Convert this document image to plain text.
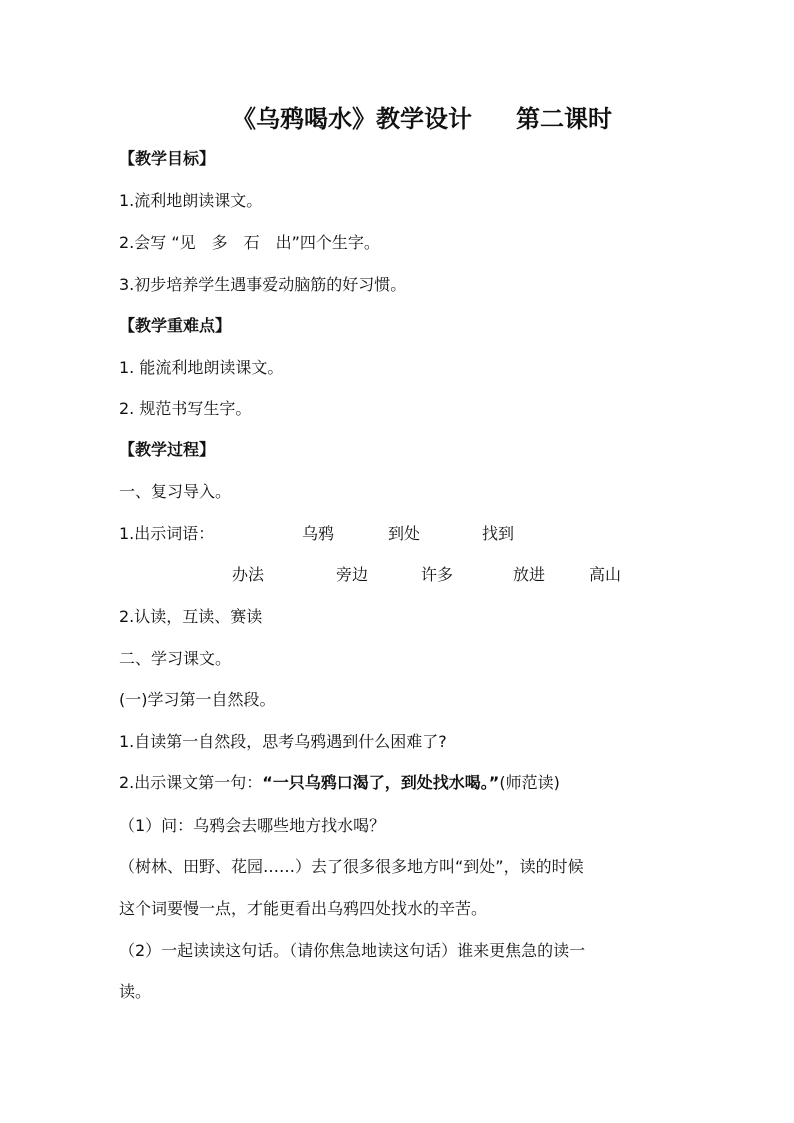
《乌鸦喝水》教学设计 第二课时
【教学目标】
1.流利地朗读课文。
2.会写 “见　多　石　出”四个生字。
3.初步培养学生遇事爱动脑筋的好习惯。
【教学重难点】
1. 能流利地朗读课文。
2. 规范书写生字。
【教学过程】
一、复习导入。
1.出示词语：	乌鸦	到处	找到
办法	旁边	许多	放进	高山
2.认读，互读、赛读
二、学习课文。
(一)学习第一自然段。
1.自读第一自然段，思考乌鸦遇到什么困难了?
2.出示课文第一句：“一只乌鸦口渴了，到处找水喝。”(师范读)
（1）问：乌鸦会去哪些地方找水喝？
（树林、田野、花园……）去了很多很多地方叫“到处”，读的时候
这个词要慢一点，才能更看出乌鸦四处找水的辛苦。
（2）一起读读这句话。（请你焦急地读这句话）谁来更焦急的读一
读。
